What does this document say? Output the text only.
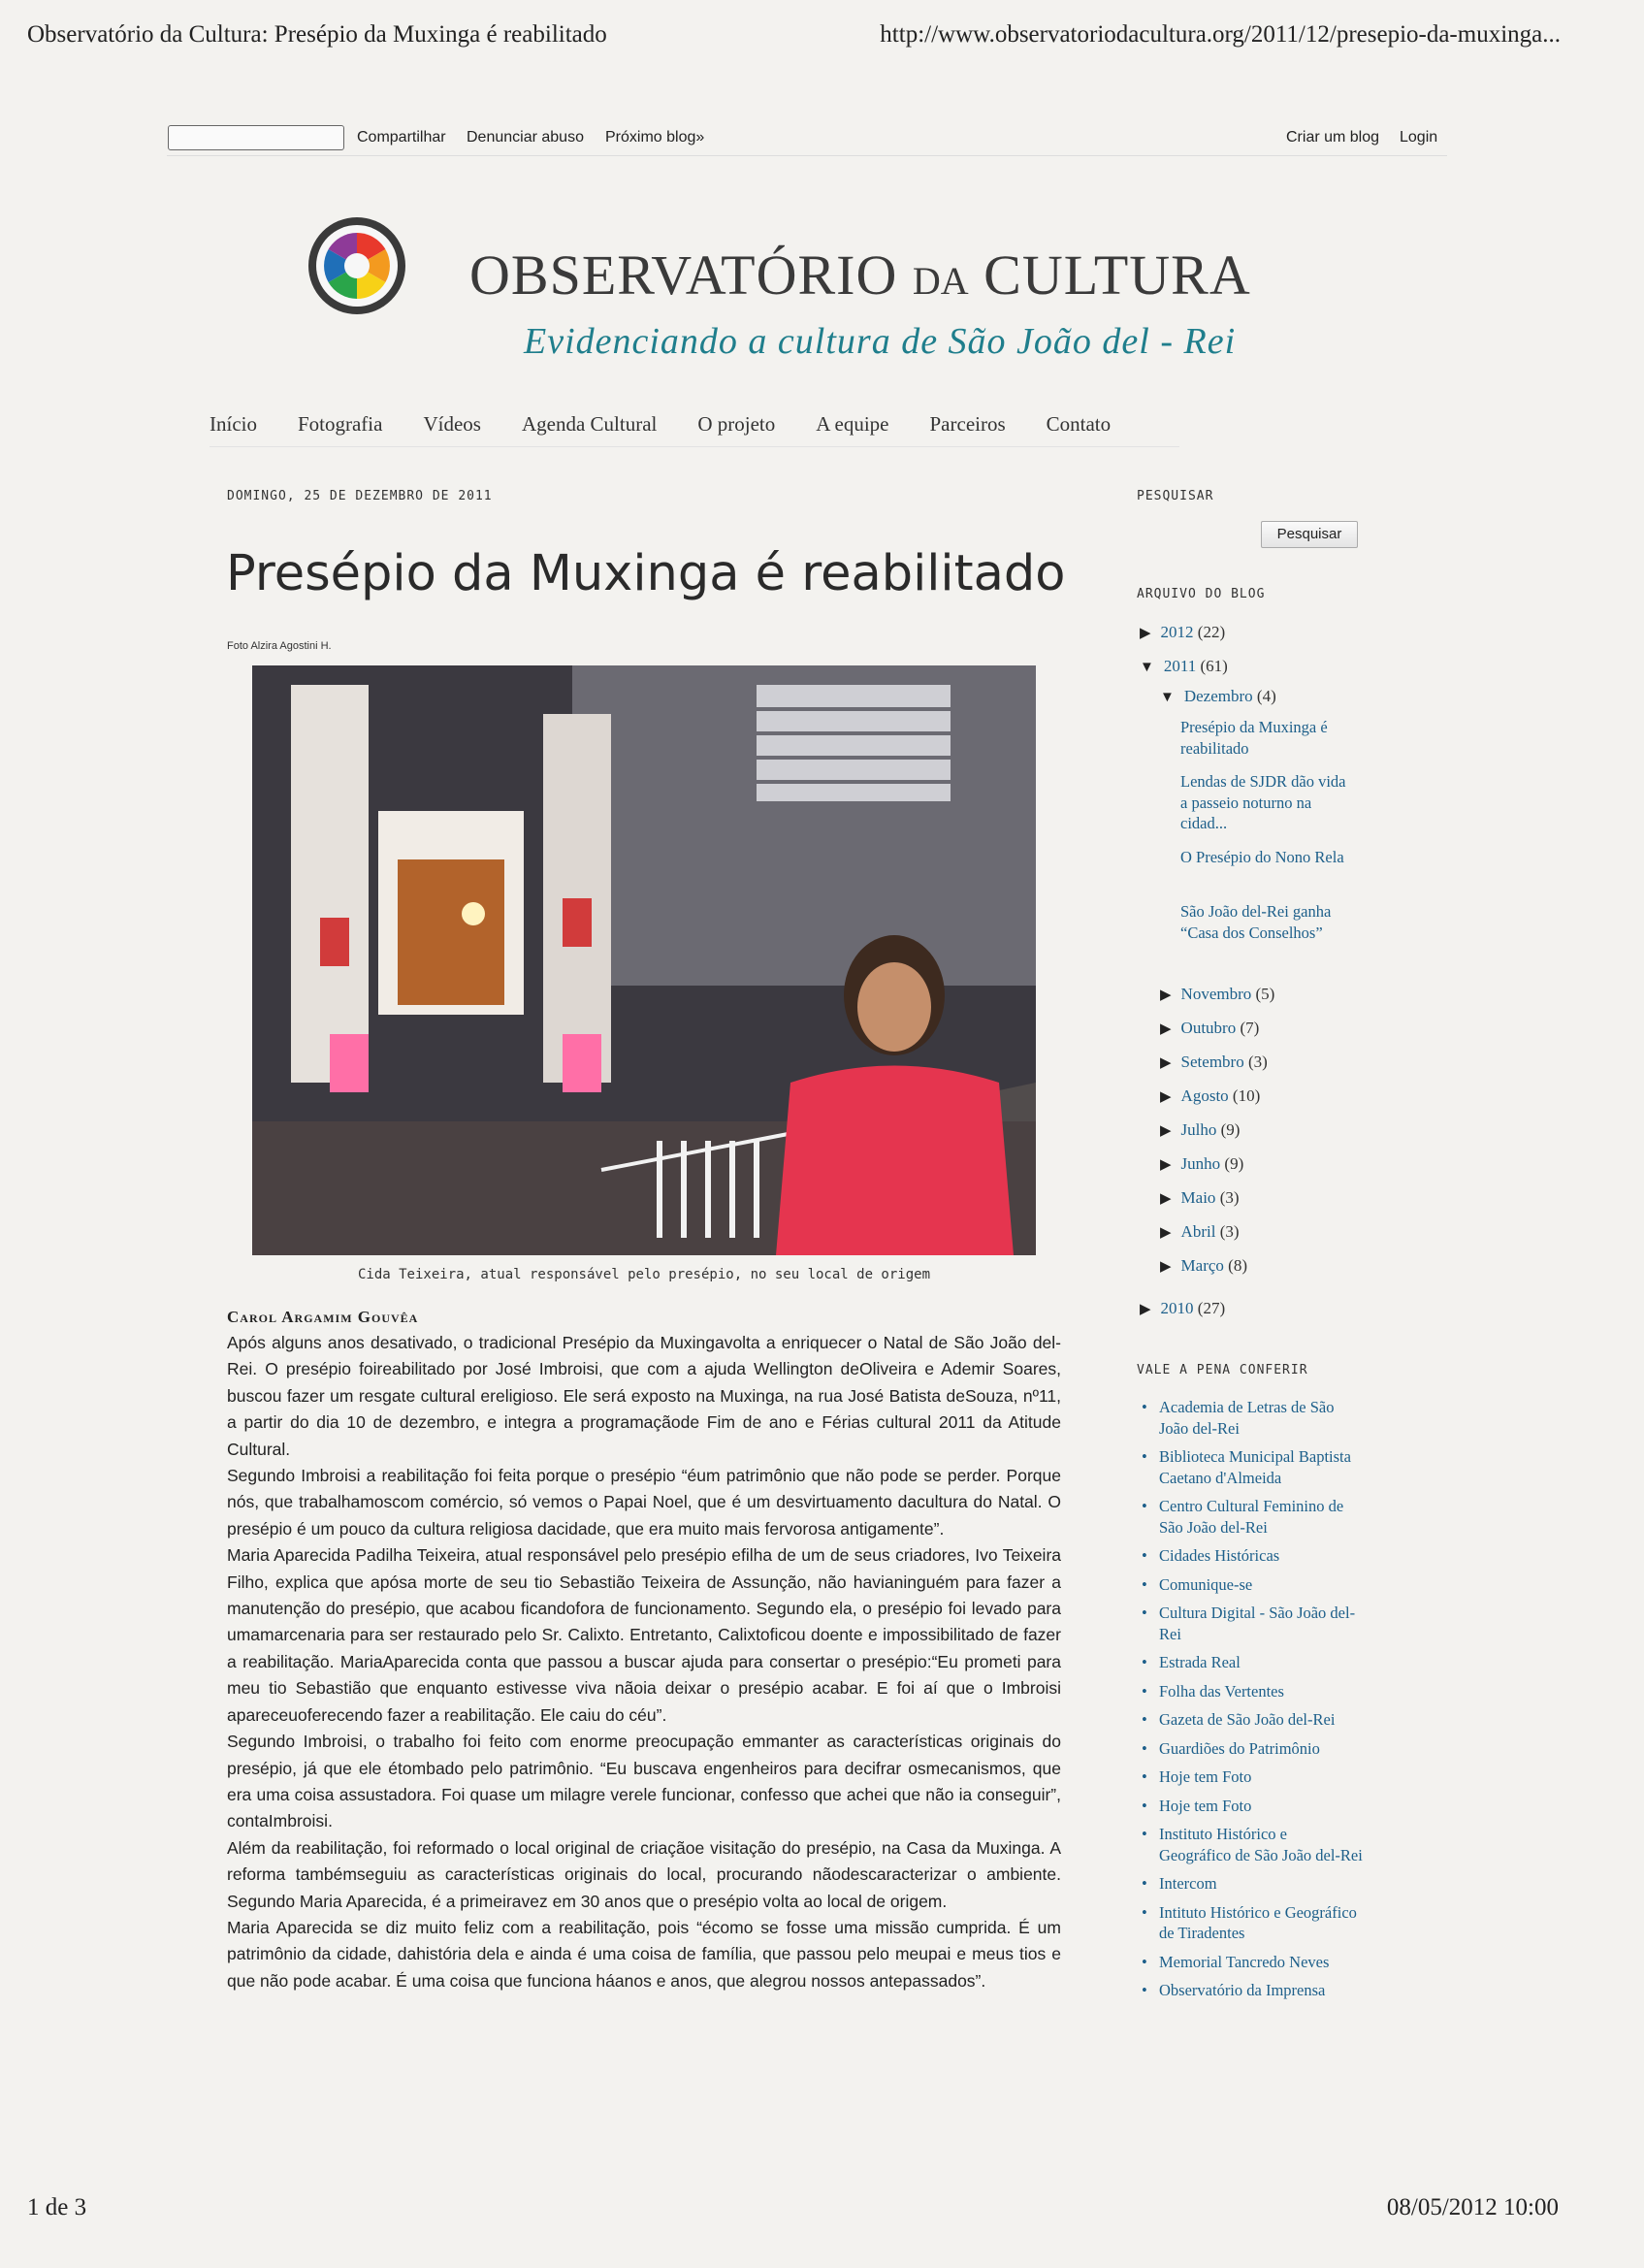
Observatório da Cultura: Presépio da Muxinga é reabilitado	http://www.observatoriodacultura.org/2011/12/presepio-da-muxinga...
Compartilhar Denunciar abuso Próximo blog»	Criar um blog Login
OBSERVATÓRIO DA CULTURA
Evidenciando a cultura de São João del - Rei
Início Fotografia Vídeos Agenda Cultural O projeto A equipe Parceiros Contato
DOMINGO, 25 DE DEZEMBRO DE 2011
Presépio da Muxinga é reabilitado
Foto Alzira Agostini H.
Cida Teixeira, atual responsável pelo presépio, no seu local de origem
Carol Argamim Gouvêa

Após alguns anos desativado, o tradicional Presépio da Muxingavolta a enriquecer o Natal de São João del-Rei. O presépio foireabilitado por José Imbroisi, que com a ajuda Wellington deOliveira e Ademir Soares, buscou fazer um resgate cultural ereligioso. Ele será exposto na Muxinga, na rua José Batista deSouza, nº11, a partir do dia 10 de dezembro, e integra a programaçãode Fim de ano e Férias cultural 2011 da Atitude Cultural.

Segundo Imbroisi a reabilitação foi feita porque o presépio “éum patrimônio que não pode se perder. Porque nós, que trabalhamoscom comércio, só vemos o Papai Noel, que é um desvirtuamento dacultura do Natal. O presépio é um pouco da cultura religiosa dacidade, que era muito mais fervorosa antigamente”.

Maria Aparecida Padilha Teixeira, atual responsável pelo presépio efilha de um de seus criadores, Ivo Teixeira Filho, explica que apósa morte de seu tio Sebastião Teixeira de Assunção, não havianinguém para fazer a manutenção do presépio, que acabou ficandofora de funcionamento. Segundo ela, o presépio foi levado para umamarcenaria para ser restaurado pelo Sr. Calixto. Entretanto, Calixtoficou doente e impossibilitado de fazer a reabilitação. MariaAparecida conta que passou a buscar ajuda para consertar o presépio:“Eu prometi para meu tio Sebastião que enquanto estivesse viva nãoia deixar o presépio acabar. E foi aí que o Imbroisi apareceuoferecendo fazer a reabilitação. Ele caiu do céu”.

Segundo Imbroisi, o trabalho foi feito com enorme preocupação emmanter as características originais do presépio, já que ele étombado pelo patrimônio. “Eu buscava engenheiros para decifrar osmecanismos, que era uma coisa assustadora. Foi quase um milagre verele funcionar, confesso que achei que não ia conseguir”, contaImbroisi.

Além da reabilitação, foi reformado o local original de criaçãoe visitação do presépio, na Casa da Muxinga. A reforma tambémseguiu as características originais do local, procurando nãodescaracterizar o ambiente. Segundo Maria Aparecida, é a primeiravez em 30 anos que o presépio volta ao local de origem.

Maria Aparecida se diz muito feliz com a reabilitação, pois “écomo se fosse uma missão cumprida. É um patrimônio da cidade, dahistória dela e ainda é uma coisa de família, que passou pelo meupai e meus tios e que não pode acabar. É uma coisa que funciona háanos e anos, que alegrou nossos antepassados”.

PESQUISAR
Pesquisar
ARQUIVO DO BLOG
▶ 2012 (22)
▼ 2011 (61)
▼ Dezembro (4)
Presépio da Muxinga é reabilitado
Lendas de SJDR dão vida a passeio noturno na cidad...
O Presépio do Nono Rela
São João del-Rei ganha “Casa dos Conselhos”
▶ Novembro (5)
▶ Outubro (7)
▶ Setembro (3)
▶ Agosto (10)
▶ Julho (9)
▶ Junho (9)
▶ Maio (3)
▶ Abril (3)
▶ Março (8)
▶ 2010 (27)
VALE A PENA CONFERIR
• Academia de Letras de São João del-Rei
• Biblioteca Municipal Baptista Caetano d'Almeida
• Centro Cultural Feminino de São João del-Rei
• Cidades Históricas
• Comunique-se
• Cultura Digital - São João del-Rei
• Estrada Real
• Folha das Vertentes
• Gazeta de São João del-Rei
• Guardiões do Patrimônio
• Hoje tem Foto
• Hoje tem Foto
• Instituto Histórico e Geográfico de São João del-Rei
• Intercom
• Intituto Histórico e Geográfico de Tiradentes
• Memorial Tancredo Neves
• Observatório da Imprensa
1 de 3	08/05/2012 10:00
